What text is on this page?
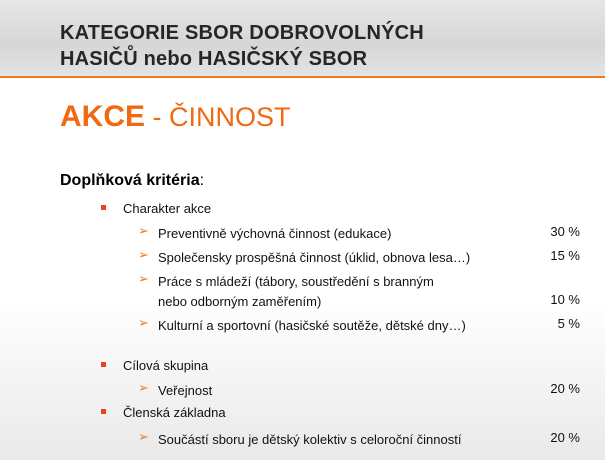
KATEGORIE SBOR DOBROVOLNÝCH
HASIČŮ nebo HASIČSKÝ SBOR
AKCE - ČINNOST
Doplňková kritéria:
Charakter akce
➢ Preventivně výchovná činnost (edukace)	30 %
➢ Společensky prospěšná činnost (úklid, obnova lesa…)	15 %
➢ Práce s mládeží (tábory, soustředění s branným
nebo odborným zaměřením)	10 %
➢ Kulturní a sportovní (hasičské soutěže, dětské dny…)	5 %
Cílová skupina
➢ Veřejnost	20 %
Členská základna
➢ Součástí sboru je dětský kolektiv s celoroční činností	20 %
